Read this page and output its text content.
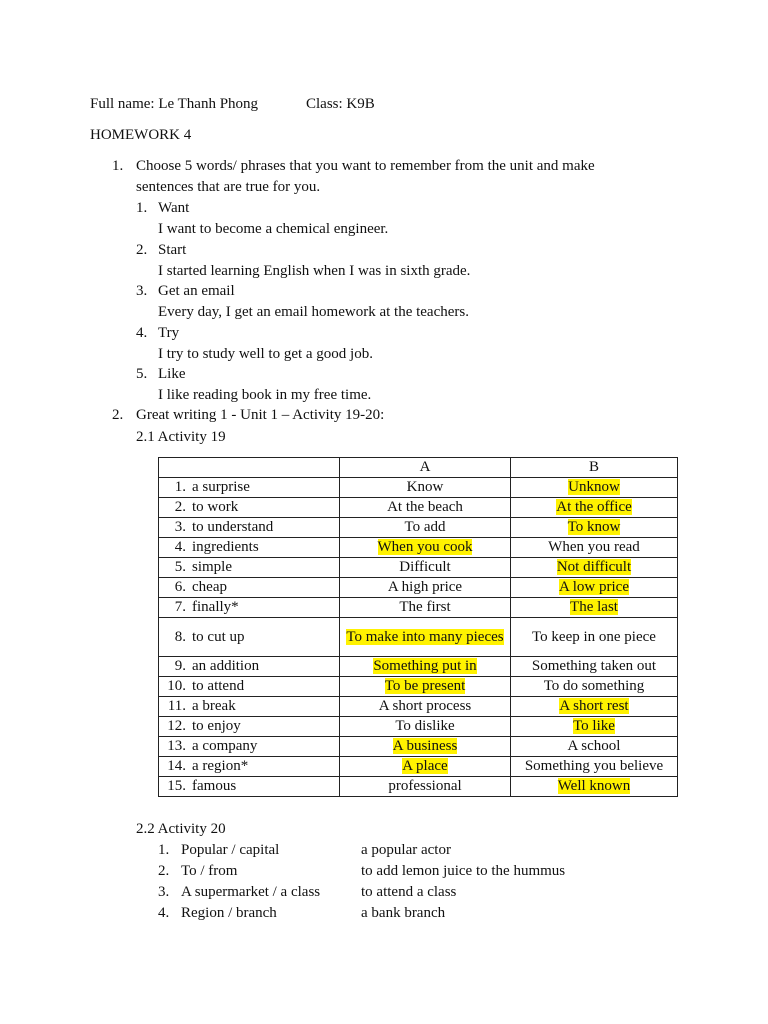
Full name: Le Thanh Phong	Class: K9B
HOMEWORK 4
1. Choose 5 words/ phrases that you want to remember from the unit and make
sentences that are true for you.
1. Want
I want to become a chemical engineer.
2. Start
I started learning English when I was in sixth grade.
3. Get an email
Every day, I get an email homework at the teachers.
4. Try
I try to study well to get a good job.
5. Like
I like reading book in my free time.
2. Great writing 1 - Unit 1 – Activity 19-20:
2.1 Activity 19
	A	B
1. a surprise	Know	Unknow
2. to work	At the beach	At the office
3. to understand	To add	To know
4. ingredients	When you cook	When you read
5. simple	Difficult	Not difficult
6. cheap	A high price	A low price
7. finally*	The first	The last
8. to cut up	To make into many pieces	To keep in one piece
9. an addition	Something put in	Something taken out
10. to attend	To be present	To do something
11. a break	A short process	A short rest
12. to enjoy	To dislike	To like
13. a company	A business	A school
14. a region*	A place	Something you believe
15. famous	professional	Well known
2.2 Activity 20
1. Popular / capital	a popular actor
2. To / from	to add lemon juice to the hummus
3. A supermarket / a class	to attend a class
4. Region / branch	a bank branch
